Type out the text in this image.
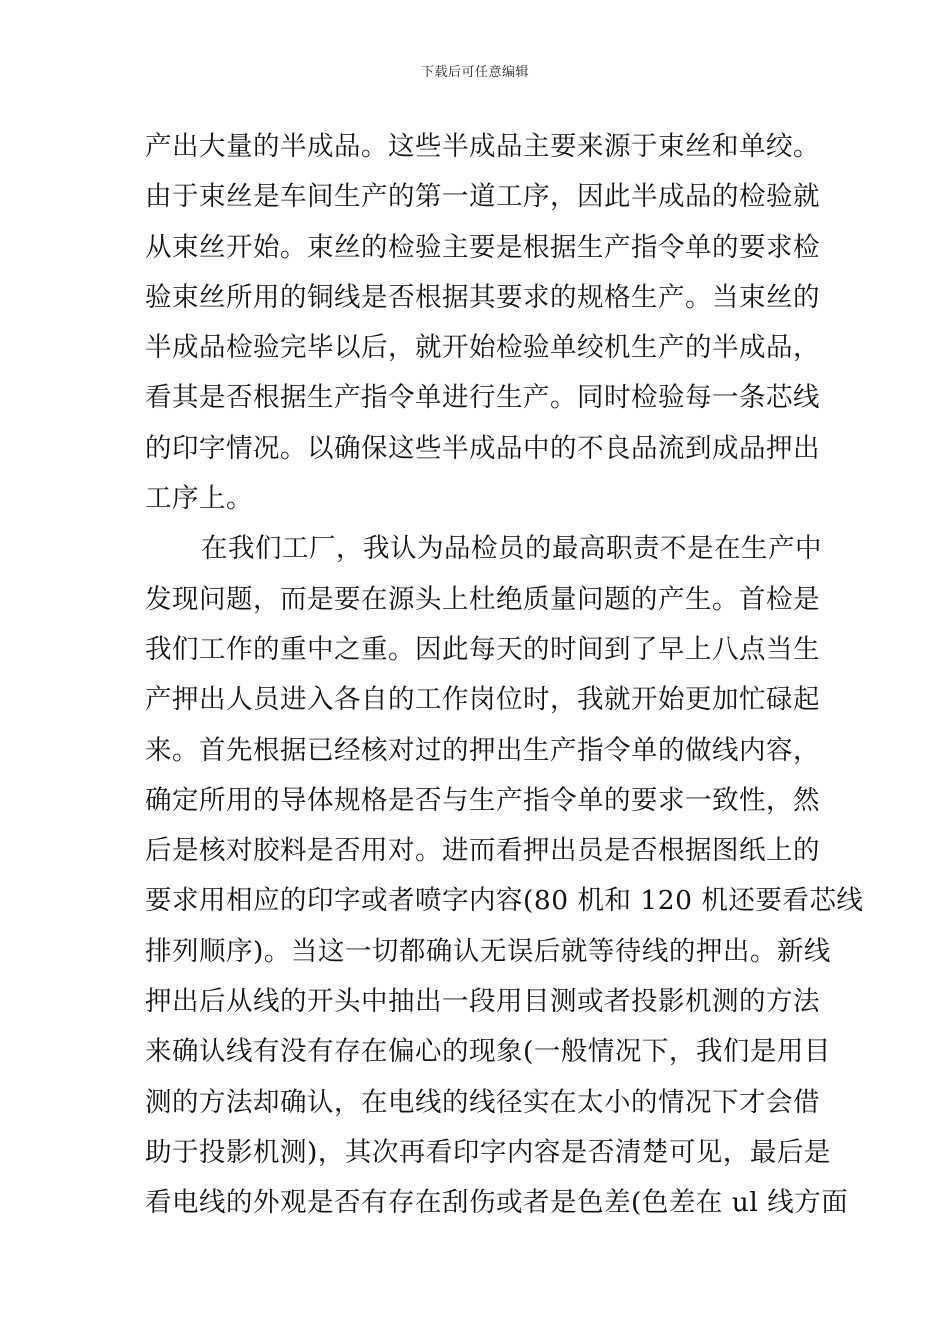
下载后可任意编辑
产出大量的半成品。这些半成品主要来源于束丝和单绞。
由于束丝是车间生产的第一道工序，因此半成品的检验就
从束丝开始。束丝的检验主要是根据生产指令单的要求检
验束丝所用的铜线是否根据其要求的规格生产。当束丝的
半成品检验完毕以后，就开始检验单绞机生产的半成品，
看其是否根据生产指令单进行生产。同时检验每一条芯线
的印字情况。以确保这些半成品中的不良品流到成品押出
工序上。
在我们工厂，我认为品检员的最高职责不是在生产中
发现问题，而是要在源头上杜绝质量问题的产生。首检是
我们工作的重中之重。因此每天的时间到了早上八点当生
产押出人员进入各自的工作岗位时，我就开始更加忙碌起
来。首先根据已经核对过的押出生产指令单的做线内容，
确定所用的导体规格是否与生产指令单的要求一致性，然
后是核对胶料是否用对。进而看押出员是否根据图纸上的
要求用相应的印字或者喷字内容(80 机和 120 机还要看芯线
排列顺序)。当这一切都确认无误后就等待线的押出。新线
押出后从线的开头中抽出一段用目测或者投影机测的方法
来确认线有没有存在偏心的现象(一般情况下，我们是用目
测的方法却确认，在电线的线径实在太小的情况下才会借
助于投影机测)，其次再看印字内容是否清楚可见，最后是
看电线的外观是否有存在刮伤或者是色差(色差在 ul 线方面
